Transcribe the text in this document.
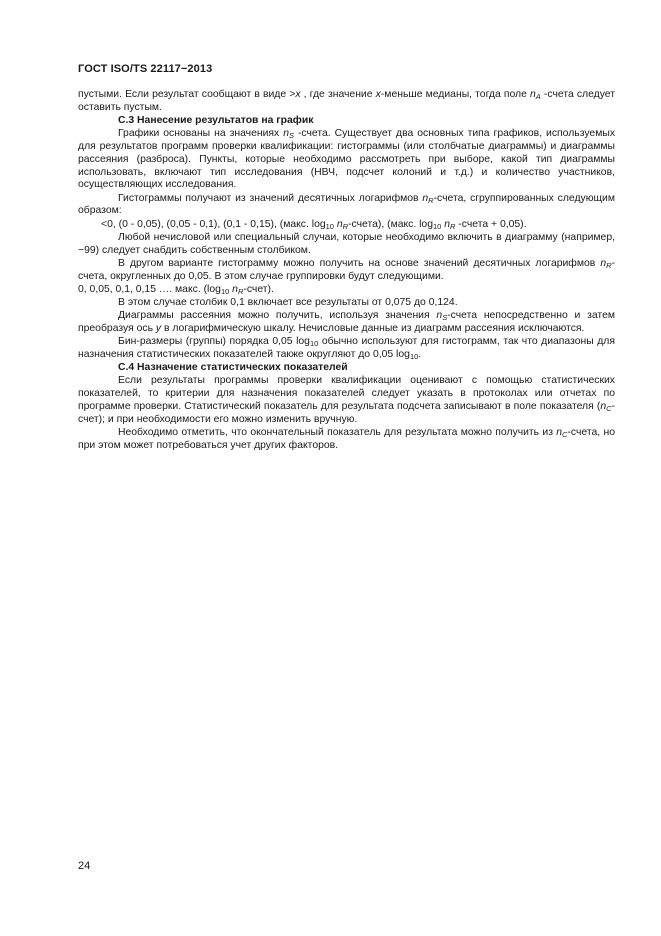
ГОСТ ISO/TS 22117−2013

пустыми. Если результат сообщают в виде >x , где значение x-меньше медианы, тогда поле $n_A$ -счета следует оставить пустым.

С.3 Нанесение результатов на график

Графики основаны на значениях $n_S$ -счета. Существует два основных типа графиков, используемых для результатов программ проверки квалификации: гистограммы (или столбчатые диаграммы) и диаграммы рассеяния (разброса). Пункты, которые необходимо рассмотреть при выборе, какой тип диаграммы использовать, включают тип исследования (НВЧ, подсчет колоний и т.д.) и количество участников, осуществляющих исследования.

Гистограммы получают из значений десятичных логарифмов $n_R$-счета, сгруппированных следующим образом:

<0, (0 - 0,05), (0,05 - 0,1), (0,1 - 0,15), (макс. $\log_{10}$ $n_R-счета$), (макс. $\log_{10} n_R$ -счета + 0,05).

Любой нечисловой или специальный случаи, которые необходимо включить в диаграмму (например, −99) следует снабдить собственным столбиком.

В другом варианте гистограмму можно получить на основе значений десятичных логарифмов $n_R$-счета, округленных до 0,05. В этом случае группировки будут следующими.

0, 0,05, 0,1, 0,15 …. макс. ($\log_{10}$ $n_R-счет$).

В этом случае столбик 0,1 включает все результаты от 0,075 до 0,124.

Диаграммы рассеяния можно получить, используя значения $n_S$-счета непосредственно и затем преобразуя ось y в логарифмическую шкалу. Нечисловые данные из диаграмм рассеяния исключаются.

Бин-размеры (группы) порядка 0,05 $\log_{10}$ обычно используют для гистограмм, так что диапазоны для назначения статистических показателей также округляют до 0,05 $\log_{10}$.

С.4 Назначение статистических показателей

Если результаты программы проверки квалификации оценивают с помощью статистических показателей, то критерии для назначения показателей следует указать в протоколах или отчетах по программе проверки. Статистический показатель для результата подсчета записывают в поле показателя $(n_C-счет)$; и при необходимости его можно изменить вручную.

Необходимо отметить, что окончательный показатель для результата можно получить из $n_C$-счета, но при этом может потребоваться учет других факторов.

24
